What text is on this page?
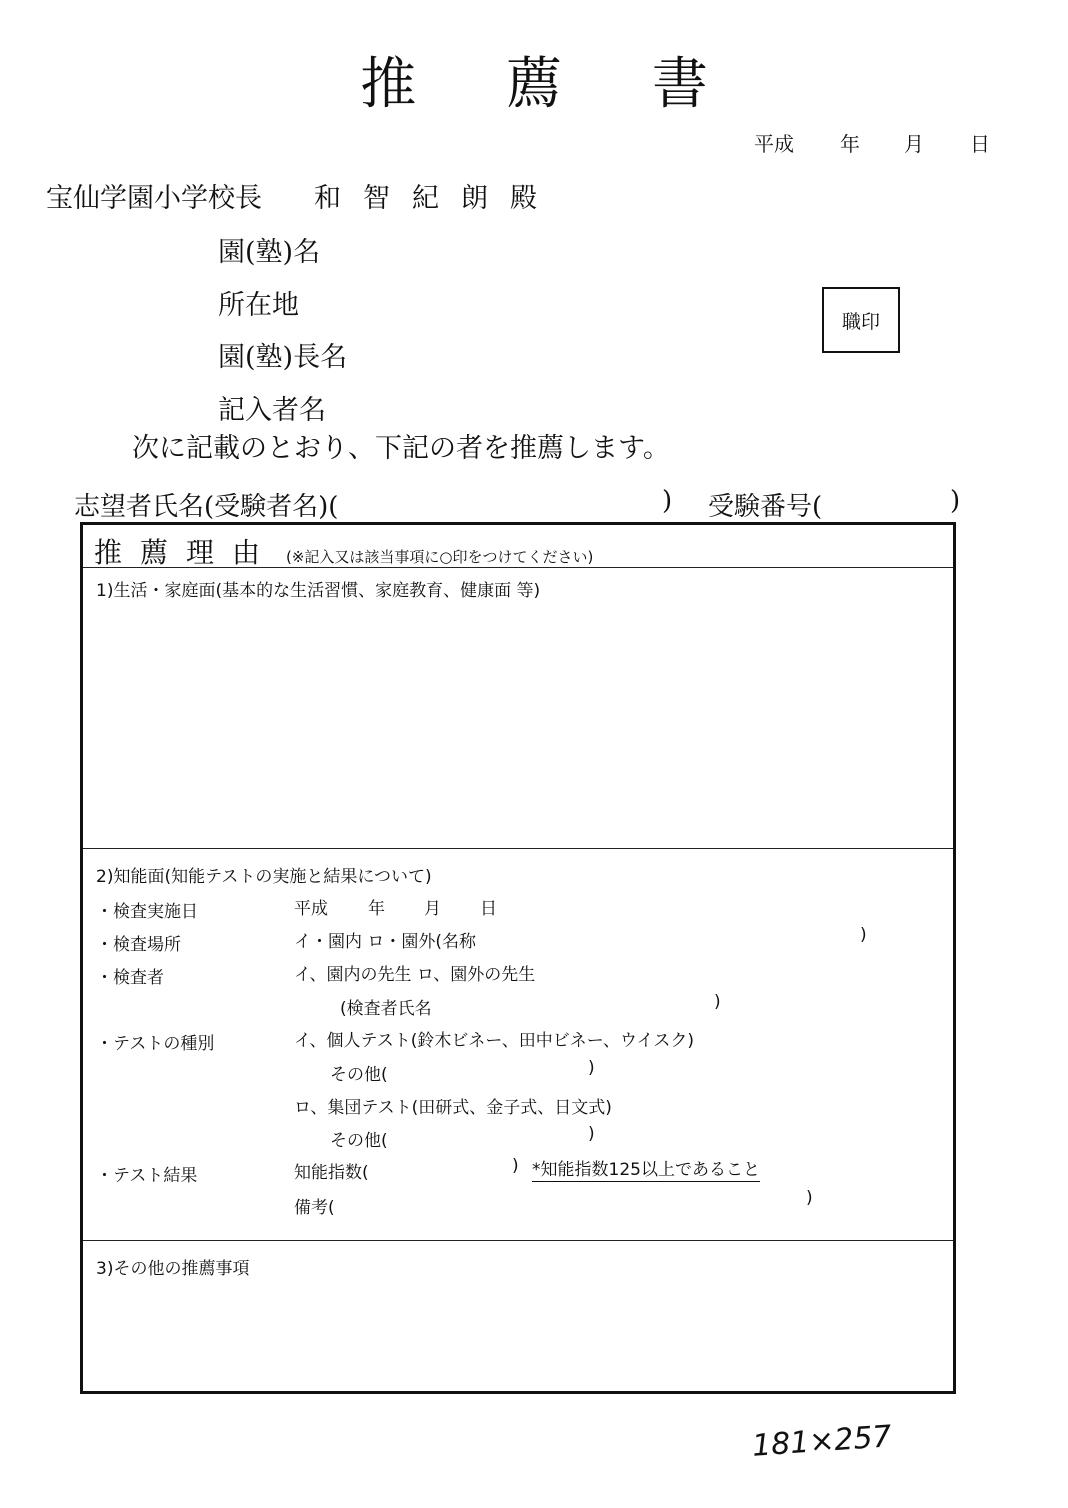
推 薦 書
平成 年 月 日
宝仙学園小学校長 和智紀朗殿
園(塾)名
所在地
園(塾)長名
記入者名
職印
次に記載のとおり、下記の者を推薦します。
志望者氏名(受験者名)(	) 受験番号(	)
推薦理由 (※記入又は該当事項に○印をつけてください)
1)生活・家庭面(基本的な生活習慣、家庭教育、健康面 等)
2)知能面(知能テストの実施と結果について)
・検査実施日	平成 年 月 日
・検査場所	イ・園内 ロ・園外(名称	)
・検査者	イ、園内の先生 ロ、園外の先生
(検査者氏名	)
・テストの種別	イ、個人テスト(鈴木ビネー、田中ビネー、ウイスク)
その他(	)
ロ、集団テスト(田研式、金子式、日文式)
その他(	)
・テスト結果	知能指数(	) *知能指数125以上であること
備考(	)
3)その他の推薦事項
181×257
